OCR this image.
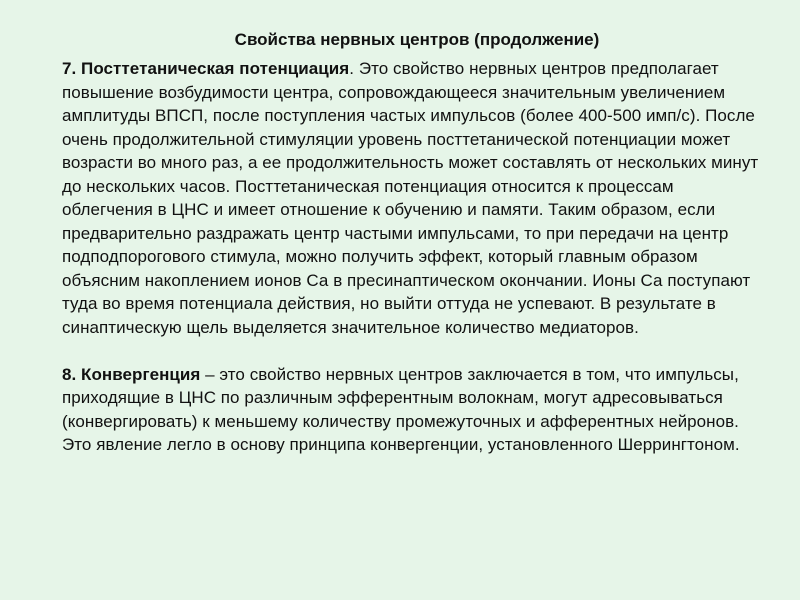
Свойства нервных центров (продолжение)

7. Посттетаническая потенциация. Это свойство нервных центров предполагает повышение возбудимости центра, сопровождающееся значительным увеличением амплитуды ВПСП, после поступления частых импульсов (более 400-500 имп/с). После очень продолжительной стимуляции уровень посттетанической потенциации может возрасти во много раз, а ее продолжительность может составлять от нескольких минут до нескольких часов. Посттетаническая потенциация относится к процессам облегчения в ЦНС и имеет отношение к обучению и памяти. Таким образом, если предварительно раздражать центр частыми импульсами, то при передачи на центр подподпорогового стимула, можно получить эффект, который главным образом объясним накоплением ионов Са в пресинаптическом окончании. Ионы Са поступают туда во время потенциала действия, но выйти оттуда не успевают. В результате в синаптическую щель выделяется значительное количество медиаторов.

8. Конвергенция – это свойство нервных центров заключается в том, что импульсы, приходящие в ЦНС по различным эфферентным волокнам, могут адресовываться (конвергировать) к меньшему количеству промежуточных и афферентных нейронов. Это явление легло в основу принципа конвергенции, установленного Шеррингтоном.
